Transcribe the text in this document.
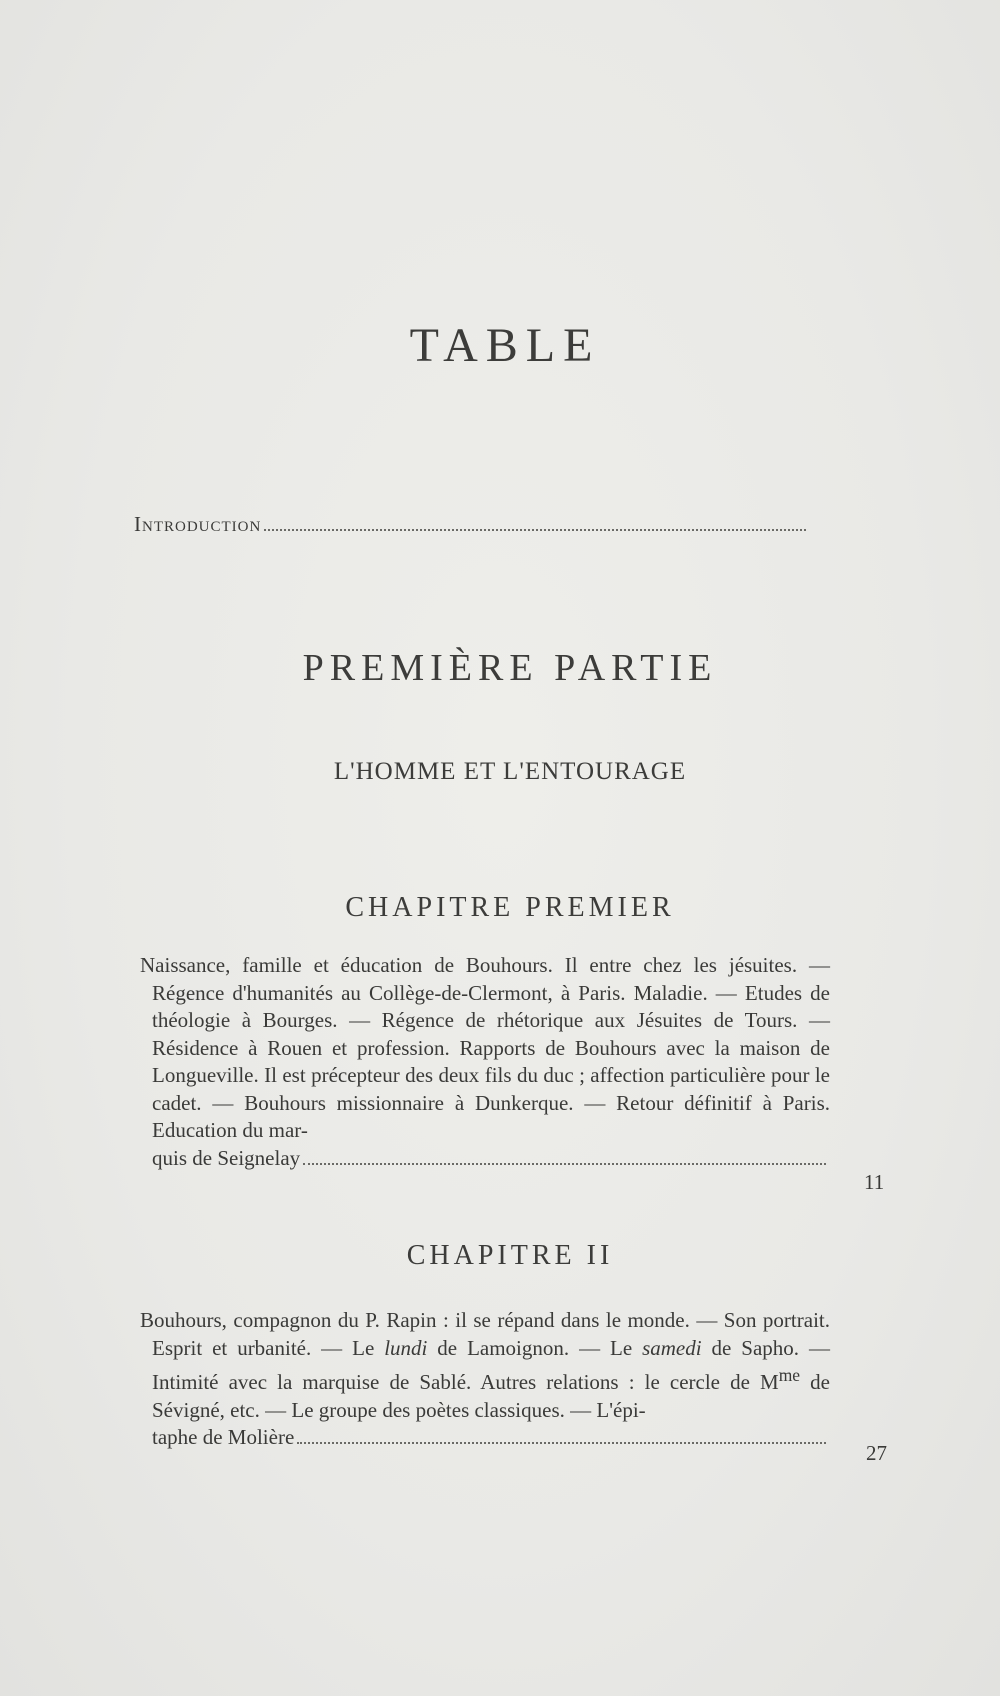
TABLE
Introduction
PREMIÈRE PARTIE
L'HOMME ET L'ENTOURAGE
CHAPITRE PREMIER

Naissance, famille et éducation de Bouhours. Il entre chez les jésuites. — Régence d'humanités au Collège-de-Clermont, à Paris. Maladie. — Etudes de théologie à Bourges. — Régence de rhétorique aux Jésuites de Tours. — Résidence à Rouen et profession. Rapports de Bouhours avec la maison de Longueville. Il est précepteur des deux fils du duc ; affection particulière pour le cadet. — Bouhours missionnaire à Dunkerque. — Retour définitif à Paris. Education du mar-

quis de Seignelay
11
CHAPITRE II

Bouhours, compagnon du P. Rapin : il se répand dans le monde. — Son portrait. Esprit et urbanité. — Le lundi de Lamoignon. — Le samedi de Sapho. — Intimité avec la marquise de Sablé. Autres relations : le cercle de $M^{me}$ de Sévigné, etc. — Le groupe des poètes classiques. — L'épi-

taphe de Molière
27
